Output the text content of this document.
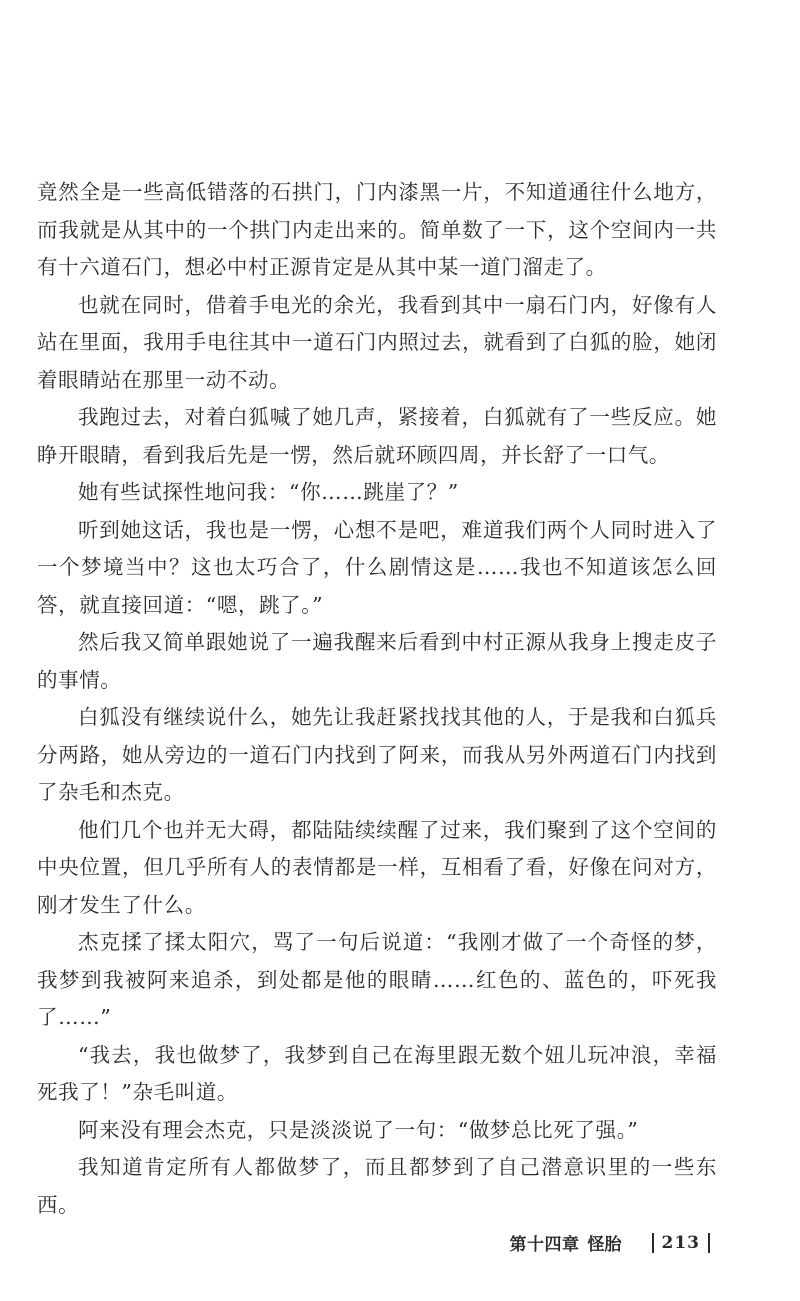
竟然全是一些高低错落的石拱门，门内漆黑一片，不知道通往什么地方，而我就是从其中的一个拱门内走出来的。简单数了一下，这个空间内一共有十六道石门，想必中村正源肯定是从其中某一道门溜走了。

也就在同时，借着手电光的余光，我看到其中一扇石门内，好像有人站在里面，我用手电往其中一道石门内照过去，就看到了白狐的脸，她闭着眼睛站在那里一动不动。

我跑过去，对着白狐喊了她几声，紧接着，白狐就有了一些反应。她睁开眼睛，看到我后先是一愣，然后就环顾四周，并长舒了一口气。

她有些试探性地问我：“你……跳崖了？”

听到她这话，我也是一愣，心想不是吧，难道我们两个人同时进入了一个梦境当中？这也太巧合了，什么剧情这是……我也不知道该怎么回答，就直接回道：“嗯，跳了。”

然后我又简单跟她说了一遍我醒来后看到中村正源从我身上搜走皮子的事情。

白狐没有继续说什么，她先让我赶紧找找其他的人，于是我和白狐兵分两路，她从旁边的一道石门内找到了阿来，而我从另外两道石门内找到了杂毛和杰克。

他们几个也并无大碍，都陆陆续续醒了过来，我们聚到了这个空间的中央位置，但几乎所有人的表情都是一样，互相看了看，好像在问对方，刚才发生了什么。

杰克揉了揉太阳穴，骂了一句后说道：“我刚才做了一个奇怪的梦，我梦到我被阿来追杀，到处都是他的眼睛……红色的、蓝色的，吓死我了……”

“我去，我也做梦了，我梦到自己在海里跟无数个妞儿玩冲浪，幸福死我了！”杂毛叫道。

阿来没有理会杰克，只是淡淡说了一句：“做梦总比死了强。”

我知道肯定所有人都做梦了，而且都梦到了自己潜意识里的一些东西。

第十四章 怪胎 213
